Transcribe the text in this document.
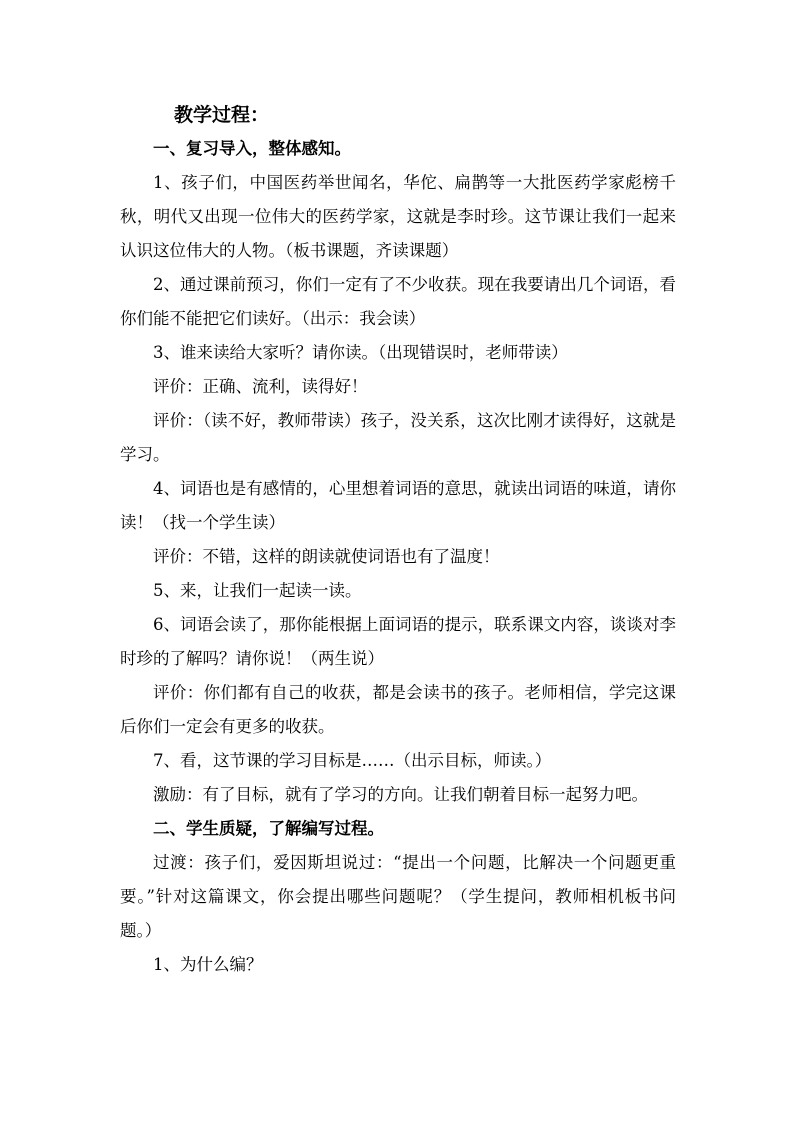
教学过程：

一、复习导入，整体感知。

1、孩子们，中国医药举世闻名，华佗、扁鹊等一大批医药学家彪榜千秋，明代又出现一位伟大的医药学家，这就是李时珍。这节课让我们一起来认识这位伟大的人物。（板书课题，齐读课题）

2、通过课前预习，你们一定有了不少收获。现在我要请出几个词语，看你们能不能把它们读好。（出示：我会读）

3、谁来读给大家听？请你读。（出现错误时，老师带读）

评价：正确、流利，读得好！

评价：（读不好，教师带读）孩子，没关系，这次比刚才读得好，这就是学习。

4、词语也是有感情的，心里想着词语的意思，就读出词语的味道，请你读！（找一个学生读）

评价：不错，这样的朗读就使词语也有了温度！

5、来，让我们一起读一读。

6、词语会读了，那你能根据上面词语的提示，联系课文内容，谈谈对李时珍的了解吗？请你说！（两生说）

评价：你们都有自己的收获，都是会读书的孩子。老师相信，学完这课后你们一定会有更多的收获。

7、看，这节课的学习目标是……（出示目标，师读。）

激励：有了目标，就有了学习的方向。让我们朝着目标一起努力吧。

二、学生质疑，了解编写过程。

过渡：孩子们，爱因斯坦说过：“提出一个问题，比解决一个问题更重要。”针对这篇课文，你会提出哪些问题呢？（学生提问，教师相机板书问题。）

1、为什么编？
